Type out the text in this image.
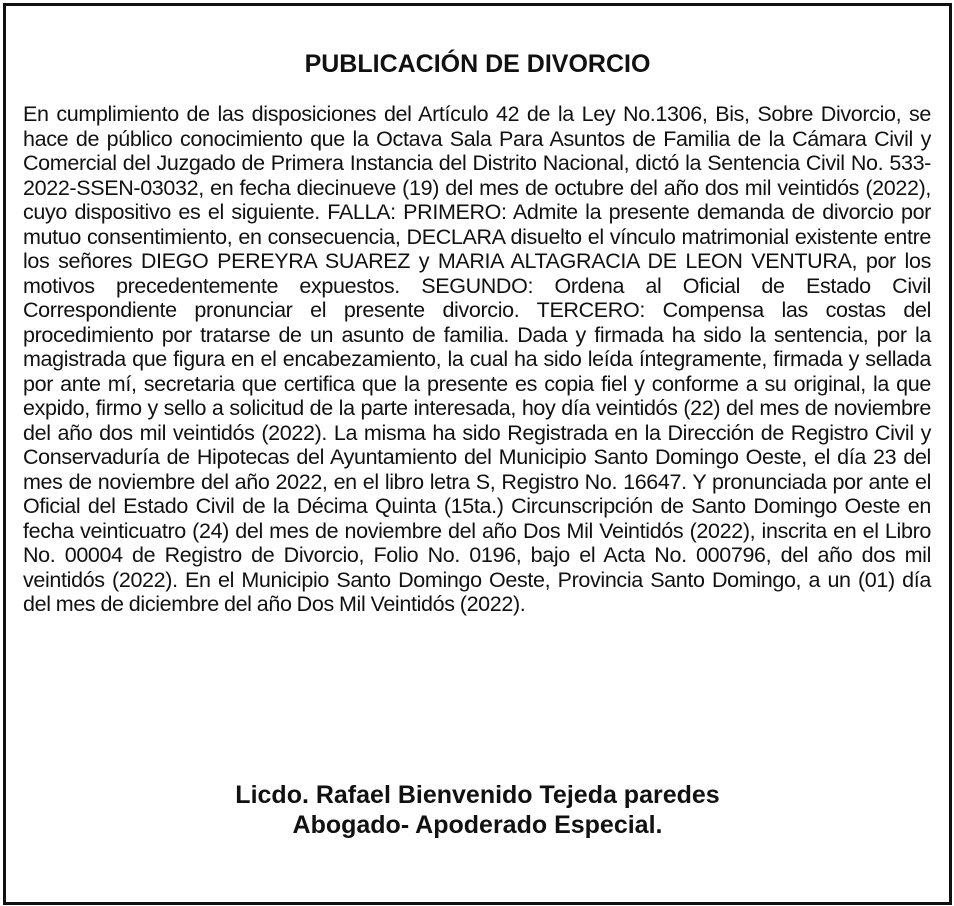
PUBLICACIÓN DE DIVORCIO

En cumplimiento de las disposiciones del Artículo 42 de la Ley No.1306, Bis, Sobre Divorcio, se hace de público conocimiento que la Octava Sala Para Asuntos de Familia de la Cámara Civil y Comercial del Juzgado de Primera Instancia del Distrito Nacional, dictó la Sentencia Civil No. 533-2022-SSEN-03032, en fecha diecinueve (19) del mes de octubre del año dos mil veintidós (2022), cuyo dispositivo es el siguiente. FALLA: PRIMERO: Admite la presente demanda de divorcio por mutuo consentimiento, en consecuencia, DECLARA disuelto el vínculo matrimonial existente entre los señores DIEGO PEREYRA SUAREZ y MARIA ALTAGRACIA DE LEON VENTURA, por los motivos precedentemente expuestos. SEGUNDO: Ordena al Oficial de Estado Civil Correspondiente pronunciar el presente divorcio. TERCERO: Compensa las costas del procedimiento por tratarse de un asunto de familia. Dada y firmada ha sido la sentencia, por la magistrada que figura en el encabezamiento, la cual ha sido leída íntegramente, firmada y sellada por ante mí, secretaria que certifica que la presente es copia fiel y conforme a su original, la que expido, firmo y sello a solicitud de la parte interesada, hoy día veintidós (22) del mes de noviembre del año dos mil veintidós (2022). La misma ha sido Registrada en la Dirección de Registro Civil y Conservaduría de Hipotecas del Ayuntamiento del Municipio Santo Domingo Oeste, el día 23 del mes de noviembre del año 2022, en el libro letra S, Registro No. 16647. Y pronunciada por ante el Oficial del Estado Civil de la Décima Quinta (15ta.) Circunscripción de Santo Domingo Oeste en fecha veinticuatro (24) del mes de noviembre del año Dos Mil Veintidós (2022), inscrita en el Libro No. 00004 de Registro de Divorcio, Folio No. 0196, bajo el Acta No. 000796, del año dos mil veintidós (2022). En el Municipio Santo Domingo Oeste, Provincia Santo Domingo, a un (01) día del mes de diciembre del año Dos Mil Veintidós (2022).

Licdo. Rafael Bienvenido Tejeda paredes
Abogado- Apoderado Especial.
